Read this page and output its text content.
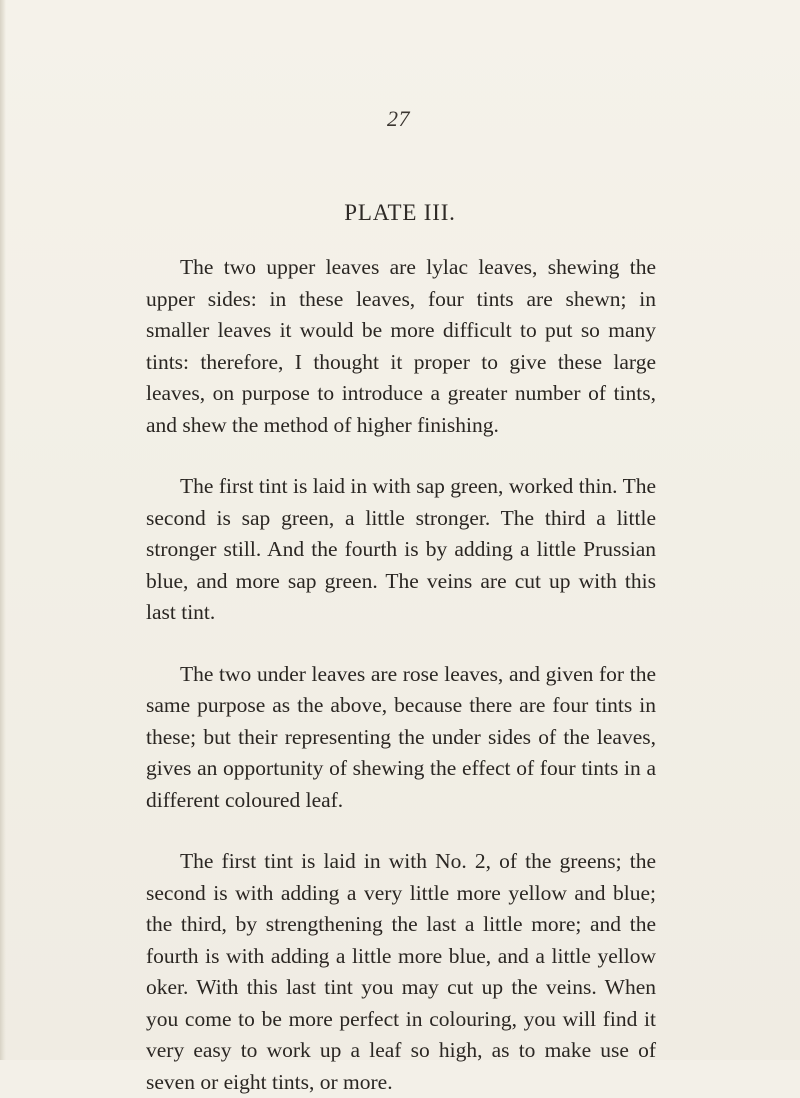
27
PLATE III.

The two upper leaves are lylac leaves, shewing the upper sides: in these leaves, four tints are shewn; in smaller leaves it would be more difficult to put so many tints: therefore, I thought it proper to give these large leaves, on purpose to introduce a greater number of tints, and shew the method of higher finishing.

The first tint is laid in with sap green, worked thin. The second is sap green, a little stronger. The third a little stronger still. And the fourth is by adding a little Prussian blue, and more sap green. The veins are cut up with this last tint.

The two under leaves are rose leaves, and given for the same purpose as the above, because there are four tints in these; but their representing the under sides of the leaves, gives an opportunity of shewing the effect of four tints in a different coloured leaf.

The first tint is laid in with No. 2, of the greens; the second is with adding a very little more yellow and blue; the third, by strengthening the last a little more; and the fourth is with adding a little more blue, and a little yellow oker. With this last tint you may cut up the veins. When you come to be more perfect in colouring, you will find it very easy to work up a leaf so high, as to make use of seven or eight tints, or more.
